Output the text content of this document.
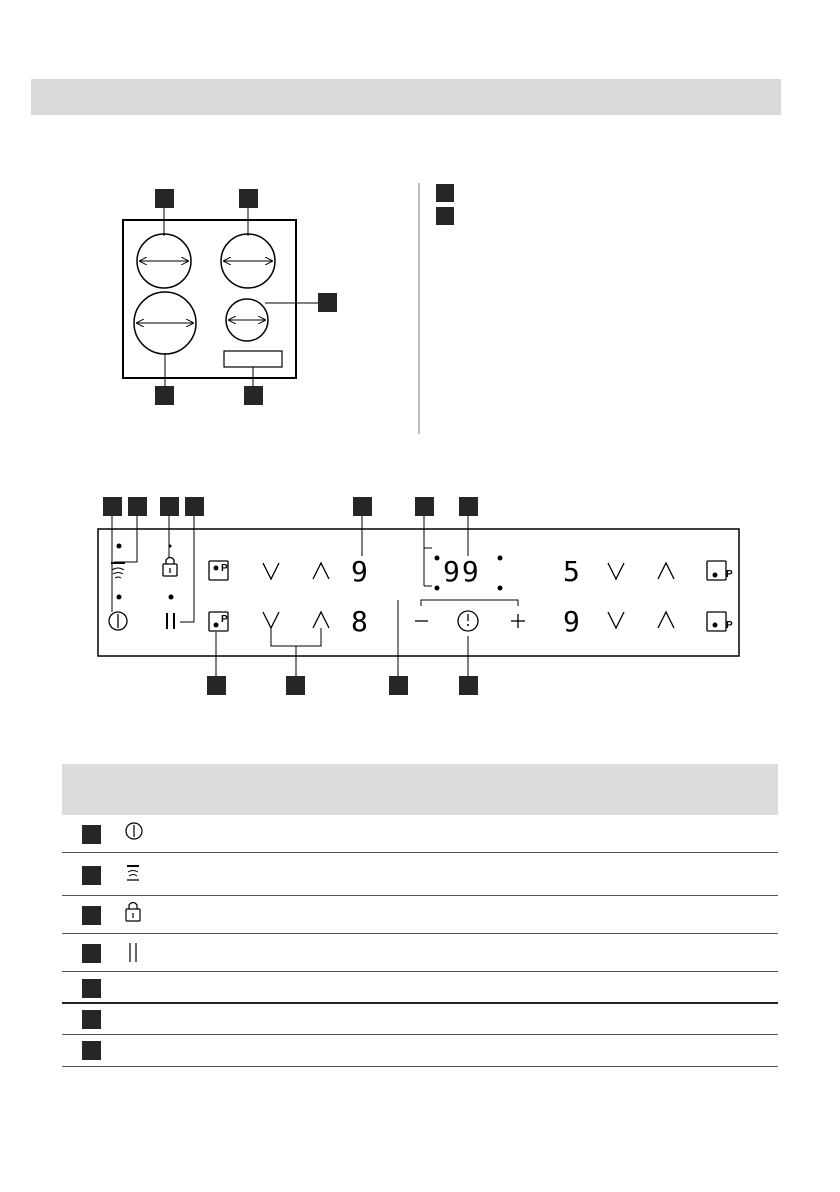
9
8
99	5
9
P
P
P
P
